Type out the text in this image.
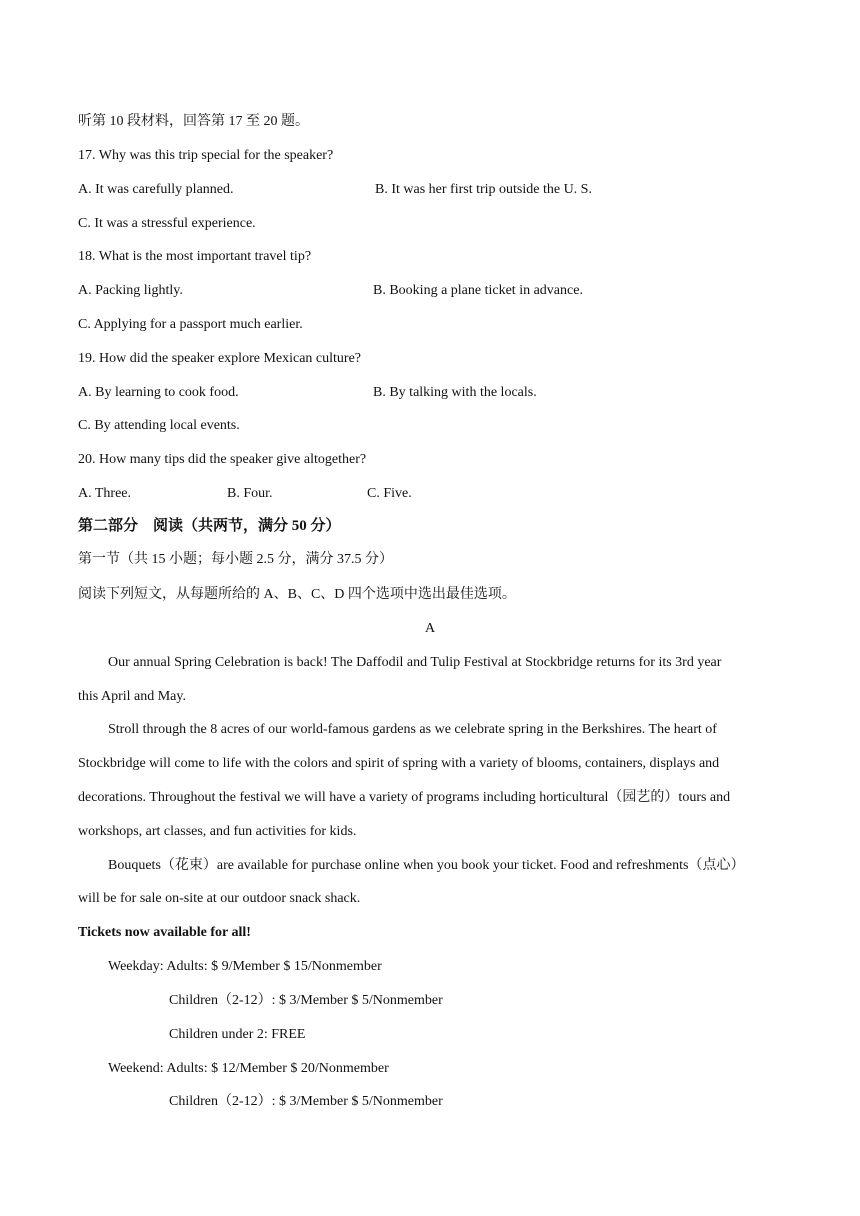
听第 10 段材料，回答第 17 至 20 题。
17. Why was this trip special for the speaker?
A. It was carefully planned.	B. It was her first trip outside the U. S.
C. It was a stressful experience.
18. What is the most important travel tip?
A. Packing lightly.	B. Booking a plane ticket in advance.
C. Applying for a passport much earlier.
19. How did the speaker explore Mexican culture?
A. By learning to cook food.	B. By talking with the locals.
C. By attending local events.
20. How many tips did the speaker give altogether?
A. Three.	B. Four.	C. Five.
第二部分　阅读（共两节，满分 50 分）
第一节（共 15 小题；每小题 2.5 分，满分 37.5 分）
阅读下列短文，从每题所给的 A、B、C、D 四个选项中选出最佳选项。
A
Our annual Spring Celebration is back! The Daffodil and Tulip Festival at Stockbridge returns for its 3rd year
this April and May.
Stroll through the 8 acres of our world-famous gardens as we celebrate spring in the Berkshires. The heart of
Stockbridge will come to life with the colors and spirit of spring with a variety of blooms, containers, displays and
decorations. Throughout the festival we will have a variety of programs including horticultural（园艺的）tours and
workshops, art classes, and fun activities for kids.
Bouquets（花束）are available for purchase online when you book your ticket. Food and refreshments（点心）
will be for sale on-site at our outdoor snack shack.
Tickets now available for all!
Weekday: Adults: $ 9/Member $ 15/Nonmember
Children（2-12）: $ 3/Member $ 5/Nonmember
Children under 2: FREE
Weekend: Adults: $ 12/Member $ 20/Nonmember
Children（2-12）: $ 3/Member $ 5/Nonmember
